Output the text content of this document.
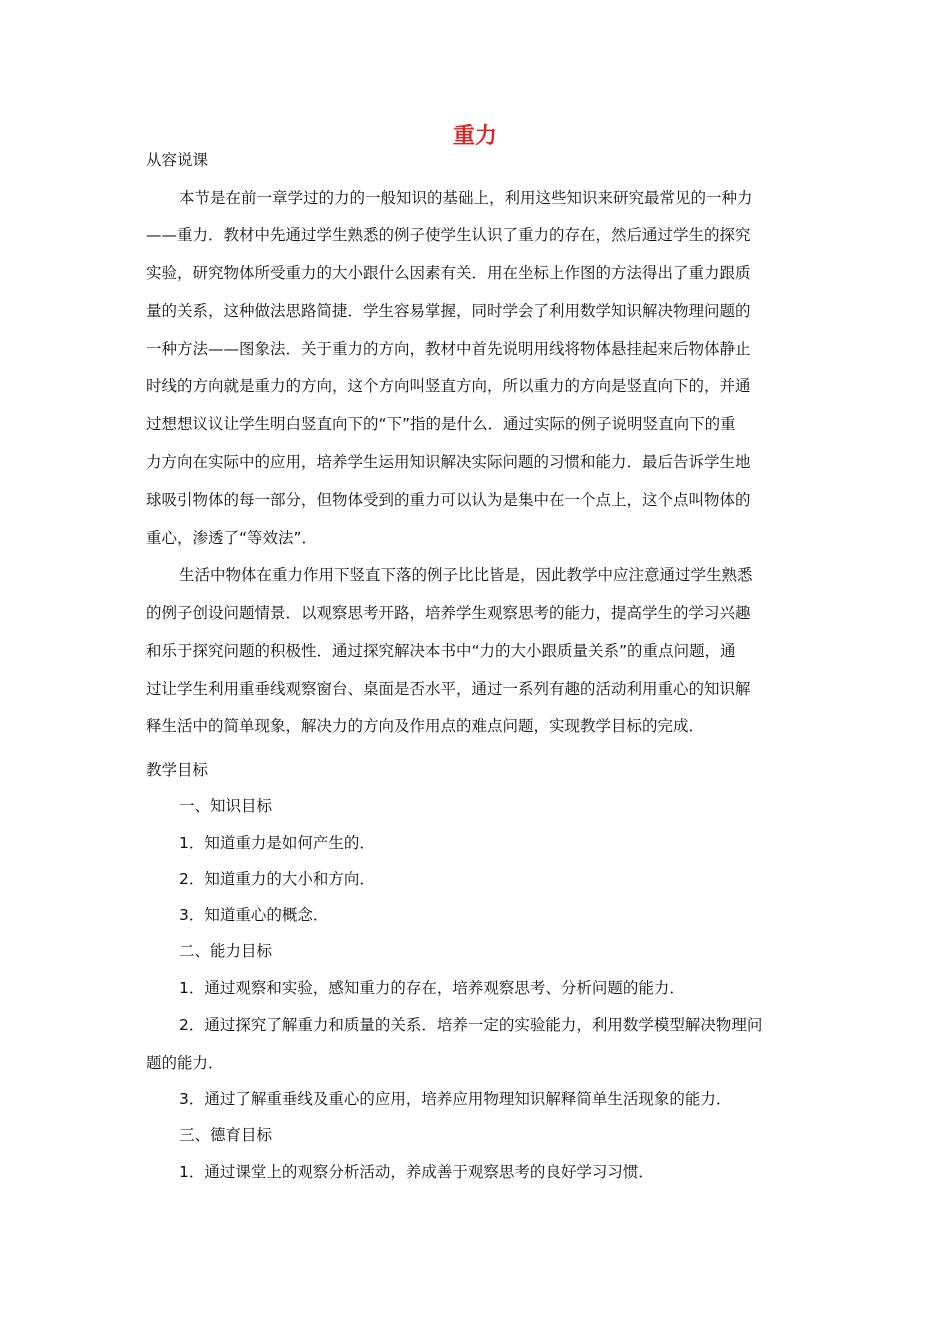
重力
从容说课
本节是在前一章学过的力的一般知识的基础上，利用这些知识来研究最常见的一种力
——重力．教材中先通过学生熟悉的例子使学生认识了重力的存在，然后通过学生的探究
实验，研究物体所受重力的大小跟什么因素有关．用在坐标上作图的方法得出了重力跟质
量的关系，这种做法思路简捷．学生容易掌握，同时学会了利用数学知识解决物理问题的
一种方法——图象法．关于重力的方向，教材中首先说明用线将物体悬挂起来后物体静止
时线的方向就是重力的方向，这个方向叫竖直方向，所以重力的方向是竖直向下的，并通
过想想议议让学生明白竖直向下的“下”指的是什么．通过实际的例子说明竖直向下的重
力方向在实际中的应用，培养学生运用知识解决实际问题的习惯和能力．最后告诉学生地
球吸引物体的每一部分，但物体受到的重力可以认为是集中在一个点上，这个点叫物体的
重心，渗透了“等效法”．
生活中物体在重力作用下竖直下落的例子比比皆是，因此教学中应注意通过学生熟悉
的例子创设问题情景．以观察思考开路，培养学生观察思考的能力，提高学生的学习兴趣
和乐于探究问题的积极性．通过探究解决本书中“力的大小跟质量关系”的重点问题，通
过让学生利用重垂线观察窗台、桌面是否水平，通过一系列有趣的活动利用重心的知识解
释生活中的简单现象，解决力的方向及作用点的难点问题，实现教学目标的完成．
教学目标
一、知识目标
1．知道重力是如何产生的．
2．知道重力的大小和方向．
3．知道重心的概念．
二、能力目标
1．通过观察和实验，感知重力的存在，培养观察思考、分析问题的能力．
2．通过探究了解重力和质量的关系．培养一定的实验能力，利用数学模型解决物理问
题的能力．
3．通过了解重垂线及重心的应用，培养应用物理知识解释简单生活现象的能力．
三、德育目标
1．通过课堂上的观察分析活动，养成善于观察思考的良好学习习惯．
